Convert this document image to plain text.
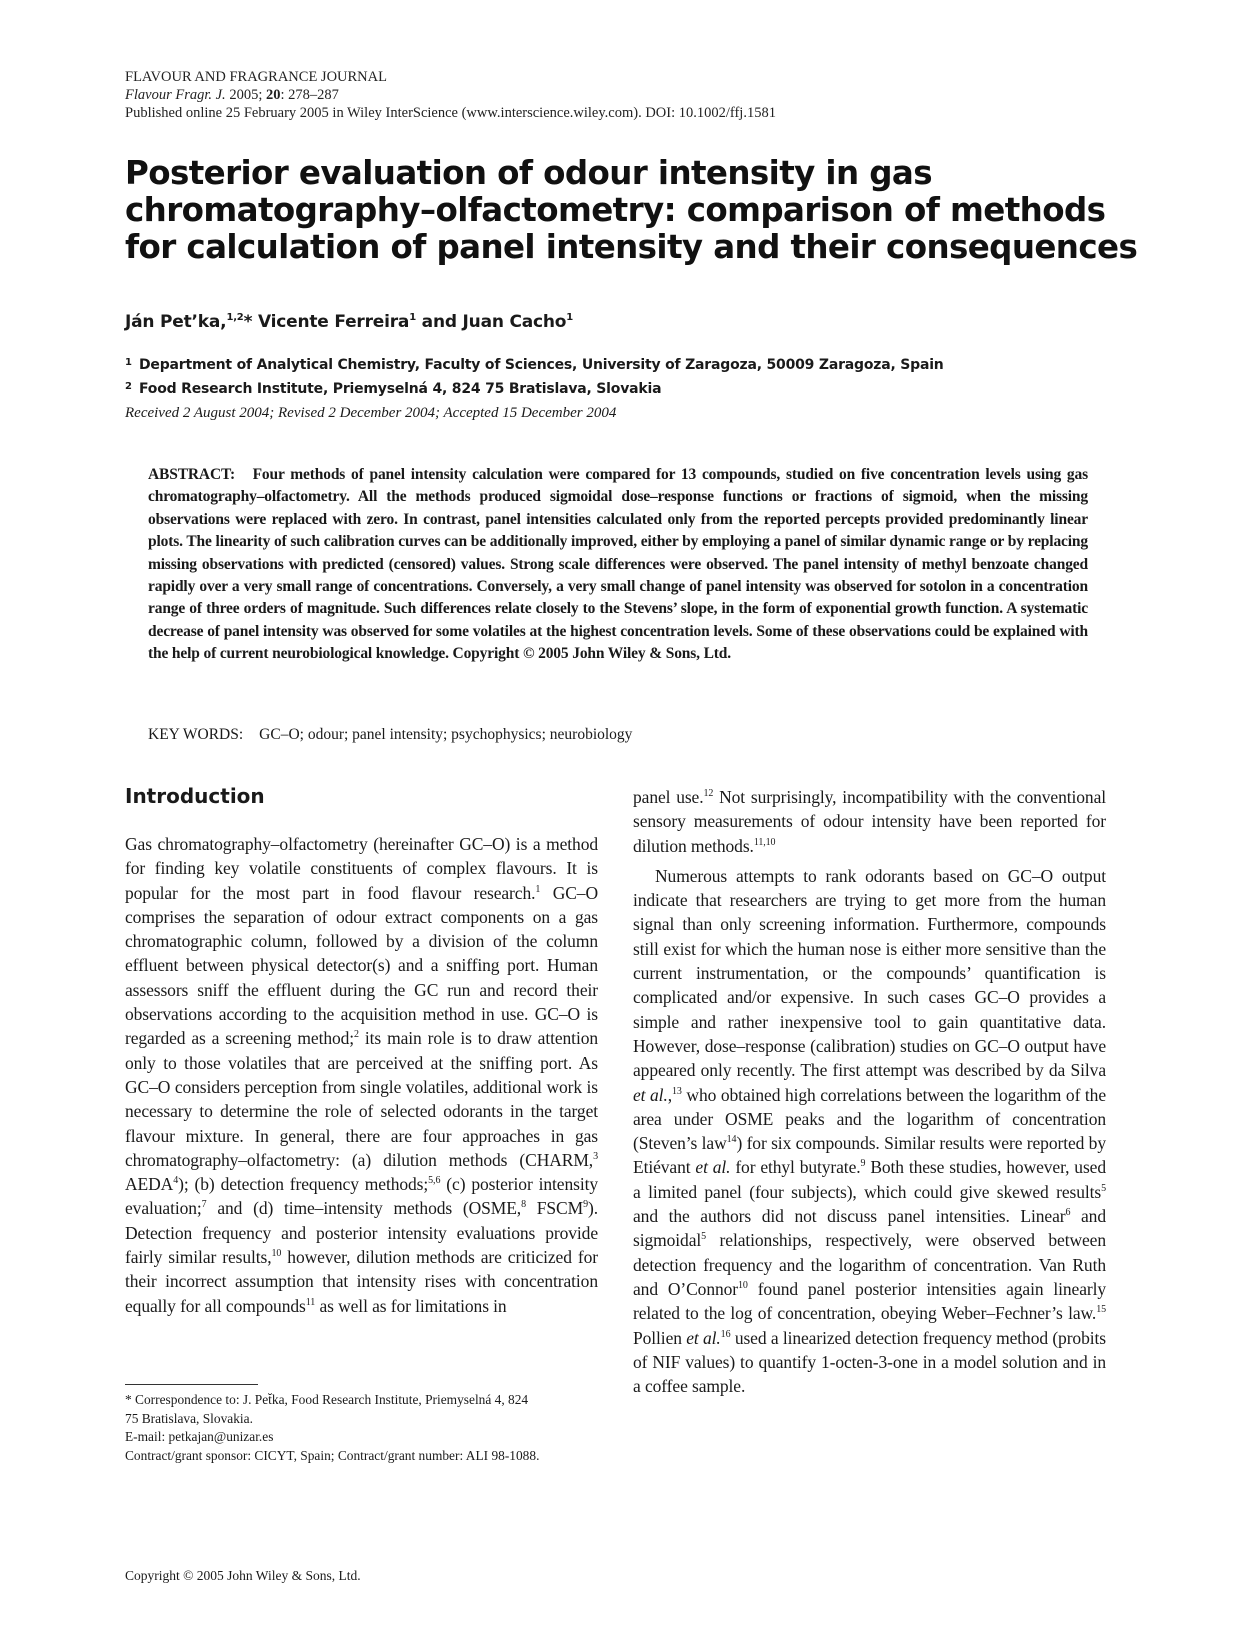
FLAVOUR AND FRAGRANCE JOURNAL
Flavour Fragr. J. 2005; 20: 278–287
Published online 25 February 2005 in Wiley InterScience (www.interscience.wiley.com). DOI: 10.1002/ffj.1581
Posterior evaluation of odour intensity in gas
chromatography–olfactometry: comparison of methods
for calculation of panel intensity and their consequences
Ján Pet’ka,$^{1,2}$* Vicente Ferreira$^1$ and Juan Cacho$^1$
1 Department of Analytical Chemistry, Faculty of Sciences, University of Zaragoza, 50009 Zaragoza, Spain
2 Food Research Institute, Priemyselná 4, 824 75 Bratislava, Slovakia
Received 2 August 2004; Revised 2 December 2004; Accepted 15 December 2004
ABSTRACT: Four methods of panel intensity calculation were compared for 13 compounds, studied on five concentration levels using gas chromatography–olfactometry. All the methods produced sigmoidal dose–response functions or fractions of sigmoid, when the missing observations were replaced with zero. In contrast, panel intensities calculated only from the reported percepts provided predominantly linear plots. The linearity of such calibration curves can be additionally improved, either by employing a panel of similar dynamic range or by replacing missing observations with predicted (censored) values. Strong scale differences were observed. The panel intensity of methyl benzoate changed rapidly over a very small range of concentrations. Conversely, a very small change of panel intensity was observed for sotolon in a concentration range of three orders of magnitude. Such differences relate closely to the Stevens’ slope, in the form of exponential growth function. A systematic decrease of panel intensity was observed for some volatiles at the highest concentration levels. Some of these observations could be explained with the help of current neurobiological knowledge. Copyright © 2005 John Wiley & Sons, Ltd.
KEY WORDS: GC–O; odour; panel intensity; psychophysics; neurobiology
Introduction

Gas chromatography–olfactometry (hereinafter GC–O) is a method for finding key volatile constituents of complex flavours. It is popular for the most part in food flavour research.$^1$ GC–O comprises the separation of odour extract components on a gas chromatographic column, followed by a division of the column effluent between physical detector(s) and a sniffing port. Human assessors sniff the effluent during the GC run and record their observations according to the acquisition method in use. GC–O is regarded as a screening method;$^2$ its main role is to draw attention only to those volatiles that are perceived at the sniffing port. As GC–O considers perception from single volatiles, additional work is necessary to determine the role of selected odorants in the target flavour mixture. In general, there are four approaches in gas chromatography–olfactometry: (a) dilution methods (CHARM,$^3$ AEDA$^4$); (b) detection frequency methods;$^{5,6}$ (c) posterior intensity evaluation;$^7$ and (d) time–intensity methods (OSME,$^8$ FSCM$^9$). Detection frequency and posterior intensity evaluations provide fairly similar results,$^{10}$ however, dilution methods are criticized for their incorrect assumption that intensity rises with concentration equally for all compounds$^{11}$ as well as for limitations in

panel use.$^{12}$ Not surprisingly, incompatibility with the conventional sensory measurements of odour intensity have been reported for dilution methods.$^{11,10}$

Numerous attempts to rank odorants based on GC–O output indicate that researchers are trying to get more from the human signal than only screening information. Furthermore, compounds still exist for which the human nose is either more sensitive than the current instrumentation, or the compounds’ quantification is complicated and/or expensive. In such cases GC–O provides a simple and rather inexpensive tool to gain quantitative data. However, dose–response (calibration) studies on GC–O output have appeared only recently. The first attempt was described by da Silva et al.,$^{13}$ who obtained high correlations between the logarithm of the area under OSME peaks and the logarithm of concentration (Steven’s law$^{14}$) for six compounds. Similar results were reported by Etiévant et al. for ethyl butyrate.$^9$ Both these studies, however, used a limited panel (four subjects), which could give skewed results$^5$ and the authors did not discuss panel intensities. Linear$^6$ and sigmoidal$^5$ relationships, respectively, were observed between detection frequency and the logarithm of concentration. Van Ruth and O’Connor$^{10}$ found panel posterior intensities again linearly related to the log of concentration, obeying Weber–Fechner’s law.$^{15}$ Pollien et al.$^{16}$ used a linearized detection frequency method (probits of NIF values) to quantify 1-octen-3-one in a model solution and in a coffee sample.

* Correspondence to: J. Pet̆ka, Food Research Institute, Priemyselná 4, 824
75 Bratislava, Slovakia.
E-mail: petkajan@unizar.es
Contract/grant sponsor: CICYT, Spain; Contract/grant number: ALI 98-1088.
Copyright © 2005 John Wiley & Sons, Ltd.
